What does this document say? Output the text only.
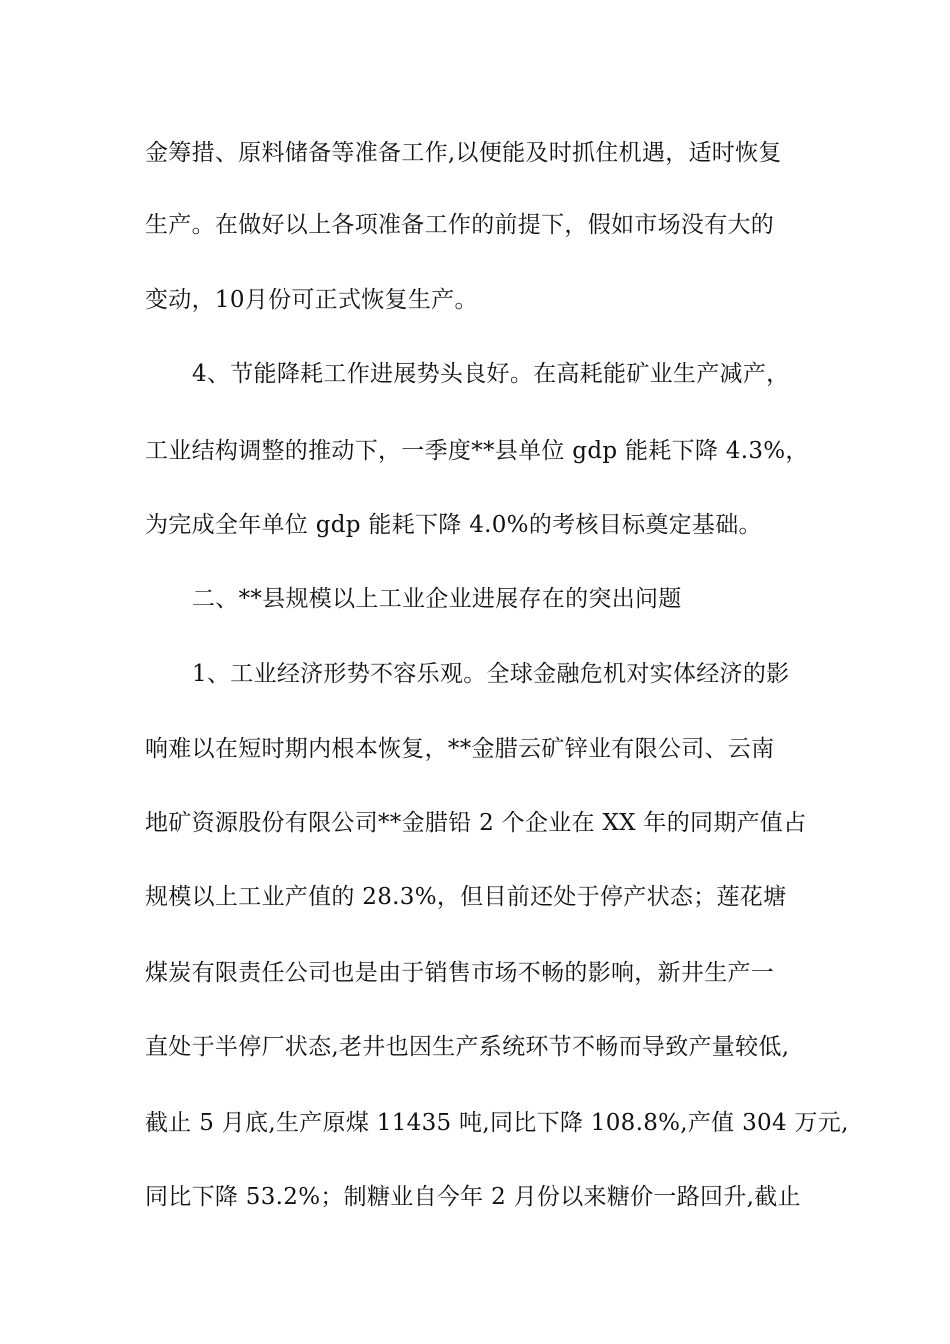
金筹措、原料储备等准备工作,以便能及时抓住机遇，适时恢复
生产。在做好以上各项准备工作的前提下，假如市场没有大的
变动，10月份可正式恢复生产。
4、节能降耗工作进展势头良好。在高耗能矿业生产减产，
工业结构调整的推动下，一季度**县单位 gdp 能耗下降 4.3%，
为完成全年单位 gdp 能耗下降 4.0%的考核目标奠定基础。
二、**县规模以上工业企业进展存在的突出问题
1、工业经济形势不容乐观。全球金融危机对实体经济的影
响难以在短时期内根本恢复，**金腊云矿锌业有限公司、云南
地矿资源股份有限公司**金腊铅 2 个企业在 XX 年的同期产值占
规模以上工业产值的 28.3%，但目前还处于停产状态；莲花塘
煤炭有限责任公司也是由于销售市场不畅的影响，新井生产一
直处于半停厂状态,老井也因生产系统环节不畅而导致产量较低,
截止 5 月底,生产原煤 11435 吨,同比下降 108.8%,产值 304 万元,
同比下降 53.2%；制糖业自今年 2 月份以来糖价一路回升,截止
